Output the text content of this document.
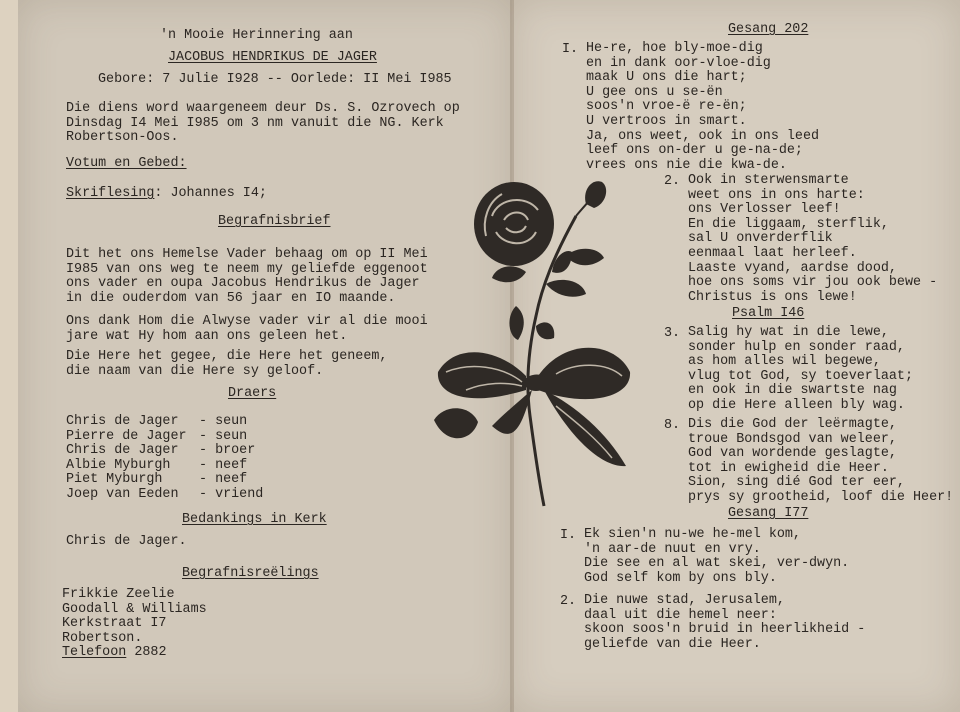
'n Mooie Herinnering aan
JACOBUS HENDRIKUS DE JAGER
Gebore: 7 Julie I928 -- Oorlede: II Mei I985
Die diens word waargeneem deur Ds. S. Ozrovech op
Dinsdag I4 Mei I985 om 3 nm vanuit die NG. Kerk
Robertson-Oos.
Votum en Gebed:
Skriflesing: Johannes I4;
Begrafnisbrief
Dit het ons Hemelse Vader behaag om op II Mei
I985 van ons weg te neem my geliefde eggenoot
ons vader en oupa Jacobus Hendrikus de Jager
in die ouderdom van 56 jaar en IO maande.
Ons dank Hom die Alwyse vader vir al die mooi
jare wat Hy hom aan ons geleen het.
Die Here het gegee, die Here het geneem,
die naam van die Here sy geloof.
Draers
Chris de Jager	- seun
Pierre de Jager - seun
Chris de Jager	- broer
Albie Myburgh	- neef
Piet Myburgh	- neef
Joep van Eeden	- vriend
Bedankings in Kerk
Chris de Jager.
Begrafnisreëlings
Frikkie Zeelie
Goodall & Williams
Kerkstraat I7
Robertson.
Telefoon 2882
Gesang 202
I. He-re, hoe bly-moe-dig
en in dank oor-vloe-dig
maak U ons die hart;
U gee ons u se-ën
soos'n vroe-ë re-ën;
U vertroos in smart.
Ja, ons weet, ook in ons leed
leef ons on-der u ge-na-de;
vrees ons nie die kwa-de.
2. Ook in sterwensmarte
weet ons in ons harte:
ons Verlosser leef!
En die liggaam, sterflik,
sal U onverderflik
eenmaal laat herleef.
Laaste vyand, aardse dood,
hoe ons soms vir jou ook bewe -
Christus is ons lewe!
Psalm I46
3. Salig hy wat in die lewe,
sonder hulp en sonder raad,
as hom alles wil begewe,
vlug tot God, sy toeverlaat;
en ook in die swartste nag
op die Here alleen bly wag.
8. Dis die God der leërmagte,
troue Bondsgod van weleer,
God van wordende geslagte,
tot in ewigheid die Heer.
Sion, sing dié God ter eer,
prys sy grootheid, loof die Heer!
Gesang I77
I. Ek sien'n nu-we he-mel kom,
'n aar-de nuut en vry.
Die see en al wat skei, ver-dwyn.
God self kom by ons bly.
2. Die nuwe stad, Jerusalem,
daal uit die hemel neer:
skoon soos'n bruid in heerlikheid -
geliefde van die Heer.
